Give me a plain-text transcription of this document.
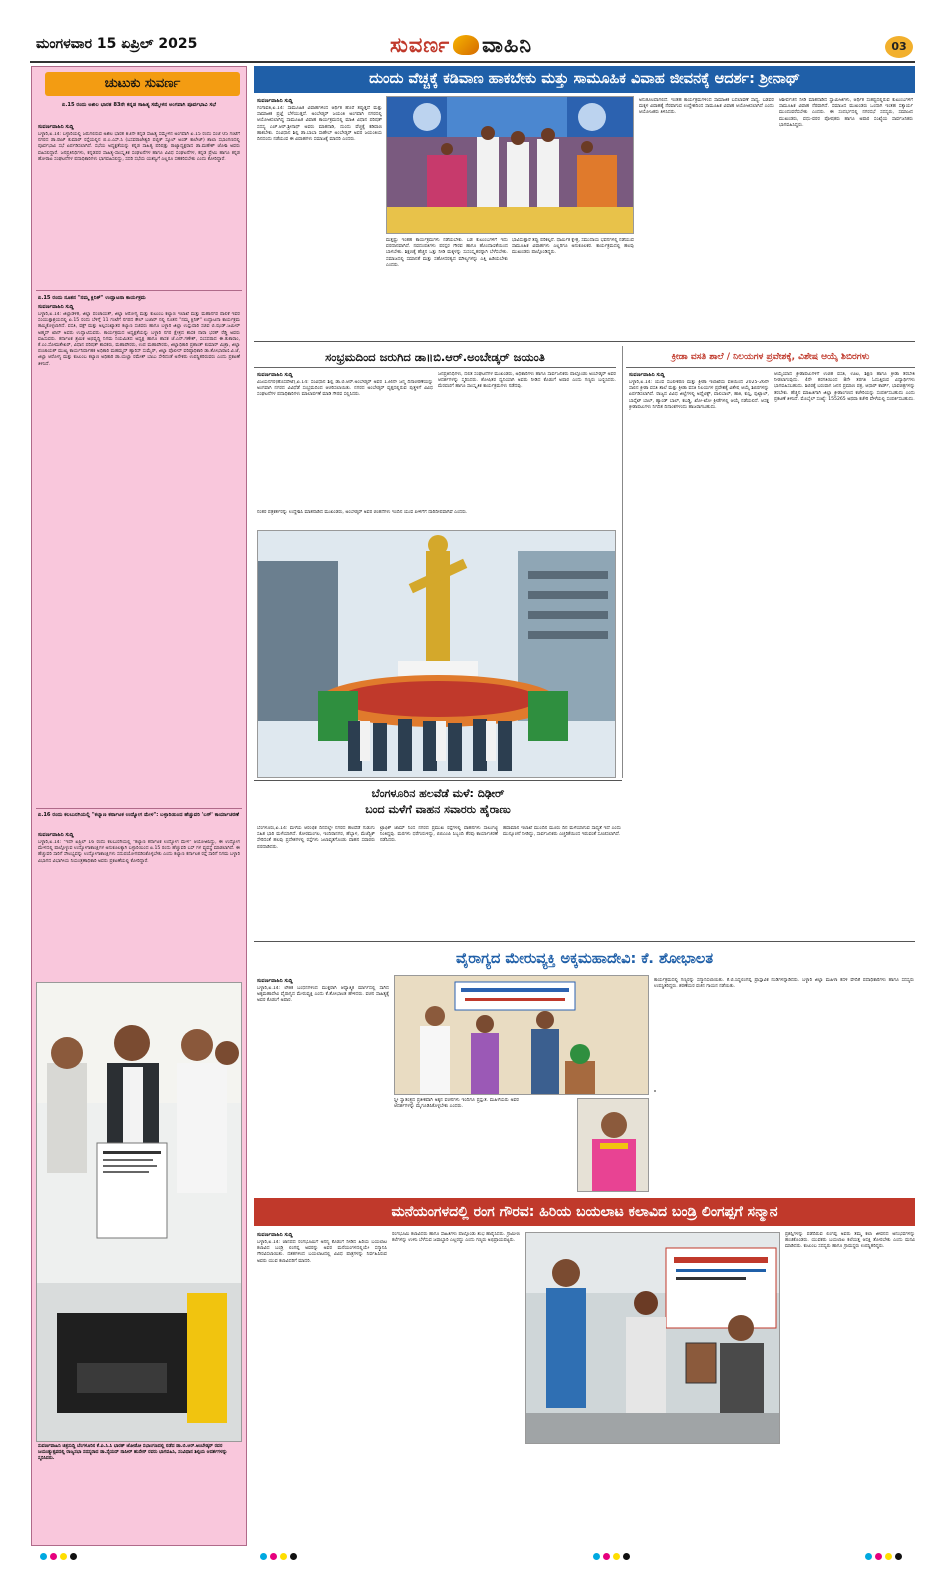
ಮಂಗಳವಾರ 15 ಏಪ್ರಿಲ್ 2025	ಸುವರ್ಣ ವಾಹಿನಿ	03
ಚುಟುಕು ಸುವರ್ಣ
ಏ.15 ರಂದು ಅಖಿಲ ಭಾರತ 83ನೇ ಕನ್ನಡ ಸಾಹಿತ್ಯ ಸಮ್ಮೇಳನ ಅಂಗವಾಗಿ ಪೂರ್ವಭಾವಿ ಸಭೆ
ಸುವರ್ಣವಾಹಿನಿ ಸುದ್ದಿ
ಬಳ್ಳಾರಿ,ಏ.14: ಬಳ್ಳಾರಿಯಲ್ಲಿ ಜರುಗಲಿರುವ ಅಖಿಲ ಭಾರತ 83ನೇ ಕನ್ನಡ ಸಾಹಿತ್ಯ ಸಮ್ಮೇಳನ ಅಂಗವಾಗಿ ಏ.15 ರಂದು ಸಂಜೆ 05 ಗಂಟೆಗೆ ನಗರದ ಡಾ.ರಾಜ್ ಕುಮಾರ್ ರಸ್ತೆಯಲ್ಲಿನ ಬಿ.ಎ.ಎಸ್.ಸಿ (ಬಸವರಾಜೇಶ್ವರಿ ಪಬ್ಲಿಕ್ ಸ್ಕೂಲ್ ಅಂಡ್ ಕಾಲೇಜ್) ಶಾಲಾ ಸಭಾಂಗಣದಲ್ಲಿ ಪೂರ್ವಭಾವಿ ಸಭೆ ಏರ್ಪಡಿಸಲಾಗಿದೆ. ಸಭೆಯ ಅಧ್ಯಕ್ಷತೆಯನ್ನು ಕನ್ನಡ ಸಾಹಿತ್ಯ ಪರಿಷತ್ತು ರಾಜ್ಯಾಧ್ಯಕ್ಷರಾದ ಡಾ.ಮಹೇಶ್ ಜೋಶಿ ಅವರು ವಹಿಸಲಿದ್ದಾರೆ. ಜನಪ್ರತಿನಿಧಿಗಳು, ಕನ್ನಡಪರ ಸಾಹಿತ್ಯ-ಸಾಂಸ್ಕೃತಿಕ ಸಂಘಟನೆಗಳ ಹಾಗೂ ವಿವಿಧ ಸಂಘಟನೆಗಳ, ಕನ್ನಡ ಪ್ರೇಮಿ ಹಾಗೂ ಕನ್ನಡ ಹೋರಾಟ ಸಂಘಟನೆಗಳ ಪದಾಧಿಕಾರಿಗಳು ಭಾಗವಹಿಸಲಿದ್ದು, ಸದರಿ ಸಭೆಯ ಯಶಸ್ವಿಗೆ ಎಲ್ಲರೂ ಸಹಕರಿಸಬೇಕು ಎಂದು ಕೋರಿದ್ದಾರೆ.
ಏ.15 ರಂದು ನೂತನ "ನಮ್ಮ ಕ್ಲಿನಿಕ್" ಉದ್ಘಾಟನಾ ಕಾರ್ಯಕ್ರಮ
ಸುವರ್ಣವಾಹಿನಿ ಸುದ್ದಿ
ಬಳ್ಳಾರಿ,ಏ.14: ಜಿಲ್ಲಾಡಳಿತ, ಜಿಲ್ಲಾ ಪಂಚಾಯತ್, ಜಿಲ್ಲಾ ಆರೋಗ್ಯ ಮತ್ತು ಕುಟುಂಬ ಕಲ್ಯಾಣ ಇಲಾಖೆ ಮತ್ತು ಮಹಾನಗರ ಪಾಲಿಕೆ ಇವರ ಸಂಯುಕ್ತಾಶ್ರಯದಲ್ಲಿ ಏ.15 ರಂದು ಬೆಳಿಗ್ಗೆ 11 ಗಂಟೆಗೆ ನಗರದ ಕೌಲ್ ಬಜಾರ್ ನಲ್ಲಿ ನೂತನ "ನಮ್ಮ ಕ್ಲಿನಿಕ್" ಉದ್ಘಾಟನಾ ಕಾರ್ಯಕ್ರಮ ಹಮ್ಮಿಕೊಳ್ಳಲಾಗಿದೆ. ವಸತಿ, ವಕ್ಫ್ ಮತ್ತು ಅಲ್ಪಸಂಖ್ಯಾತರ ಕಲ್ಯಾಣ ಸಚಿವರು ಹಾಗೂ ಬಳ್ಳಾರಿ ಜಿಲ್ಲಾ ಉಸ್ತುವಾರಿ ಸಚಿವ ಬಿ.ಝಡ್.ಜಮೀರ್ ಅಹ್ಮದ್ ಖಾನ್ ಅವರು ಉದ್ಘಾಟಿಸುವರು. ಕಾರ್ಯಕ್ರಮದ ಅಧ್ಯಕ್ಷತೆಯನ್ನು ಬಳ್ಳಾರಿ ನಗರ ಕ್ಷೇತ್ರದ ಶಾಸಕ ನಾರಾ ಭರತ್ ರೆಡ್ಡಿ ಅವರು ವಹಿಸುವರು. ಕರ್ನಾಟಕ ಶ್ರಮಿಕ ಅಭಿವೃದ್ಧಿ ನಿಗಮ ನಿಯಮಿತದ ಅಧ್ಯಕ್ಷ ಹಾಗೂ ಶಾಸಕ ಜೆ.ಎನ್.ಗಣೇಶ್, ಸಂಸದರಾದ ಈ.ತುಕಾರಾಂ, ಕೆ.ಎಂ.ಸೋಮಶೇಖರ್, ವಿಧಾನ ಪರಿಷತ್ ಶಾಸಕರು, ಮಹಾಪೌರರು, ಉಪ ಮಹಾಪೌರರು, ಜಿಲ್ಲಾಧಿಕಾರಿ ಪ್ರಶಾಂತ್ ಕುಮಾರ್ ಮಿಶ್ರಾ, ಜಿಲ್ಲಾ ಪಂಚಾಯತ್ ಮುಖ್ಯ ಕಾರ್ಯನಿರ್ವಾಹಕ ಅಧಿಕಾರಿ ಮಹಮ್ಮದ್ ಹ್ಯಾರಿಸ್ ಸುಮೈರ್, ಜಿಲ್ಲಾ ಪೊಲೀಸ್ ವರಿಷ್ಠಾಧಿಕಾರಿ ಡಾ.ಶೋಭಾರಾಣಿ.ವಿ.ಜೆ, ಜಿಲ್ಲಾ ಆರೋಗ್ಯ ಮತ್ತು ಕುಟುಂಬ ಕಲ್ಯಾಣ ಅಧಿಕಾರಿ ಡಾ.ಯಲ್ಲಾ ರಮೇಶ್ ಬಾಬು ಸೇರಿದಂತೆ ಅನೇಕರು ಉಪಸ್ಥಿತರಿರುವರು ಎಂದು ಪ್ರಕಟಣೆ ತಿಳಿಸಿದೆ.
ಏ.16 ರಂದು ಕಲಬುರಗಿಯಲ್ಲಿ "ಕಲ್ಯಾಣ ಕರ್ನಾಟಕ ಉದ್ಯೋಗ ಮೇಳ": ಬಳ್ಳಾರಿಯಿಂದ ಹೆಚ್ಚುವರಿ 'ಬಸ್' ಕಾರ್ಯಾಚರಣೆ
ಸುವರ್ಣವಾಹಿನಿ ಸುದ್ದಿ
ಬಳ್ಳಾರಿ,ಏ.14: "ಇದೇ ಏಪ್ರಿಲ್ 16 ರಂದು ಕಲಬುರಗಿಯಲ್ಲಿ "ಕಲ್ಯಾಣ ಕರ್ನಾಟಕ ಉದ್ಯೋಗ ಮೇಳ" ಆಯೋಜಿಸಿದ್ದು, ಈ ಉದ್ಯೋಗ ಮೇಳದಲ್ಲಿ ಪಾಲ್ಗೊಳ್ಳುವ ಉದ್ಯೋಗಾಕಾಂಕ್ಷಿಗಳ ಅನುಕೂಲಕ್ಕಾಗಿ ಬಳ್ಳಾರಿಯಿಂದ ಏ.15 ರಂದು ಹೆಚ್ಚುವರಿ ಬಸ್ ಗಳ ವ್ಯವಸ್ಥೆ ಮಾಡಲಾಗಿದೆ. ಈ ಹೆಚ್ಚುವರಿ ಸಾರಿಗೆ ಸೌಲಭ್ಯವನ್ನು ಉದ್ಯೋಗಾಕಾಂಕ್ಷಿಗಳು ಸದುಪಯೋಗಪಡಿಸಿಕೊಳ್ಳಬೇಕು ಎಂದು ಕಲ್ಯಾಣ ಕರ್ನಾಟಕ ರಸ್ತೆ ಸಾರಿಗೆ ನಿಗಮ ಬಳ್ಳಾರಿ ವಿಭಾಗದ ವಿಭಾಗೀಯ ನಿಯಂತ್ರಣಾಧಿಕಾರಿ ಅವರು ಪ್ರಕಟಣೆಯಲ್ಲಿ ಕೋರಿದ್ದಾರೆ.
ಸುವರ್ಣವಾಹಿನಿ ಚಿತ್ರಸುದ್ದಿ ಬೆಂಗಳೂರಿನ ಕೆ.ಪಿ.ಸಿ.ಸಿ ಭಾರತ್ ಜೋಡೋ ಸಭಾಂಗಣದಲ್ಲಿ ನಡೆದ ಡಾ.ಬಿ.ಆರ್.ಅಂಬೇಡ್ಕರ್ ರವರ ಜಯಂತ್ಯುತ್ಸವದಲ್ಲಿ ರಾಜ್ಯಸಭಾ ಸದಸ್ಯರಾದ ಡಾ.ಸೈಯದ್ ನಾಸೀರ್ ಹುಸೇನ್ ರವರು ಭಾಗವಹಿಸಿ, ಸಂವಿಧಾನ ಶಿಲ್ಪಿಯ ಆದರ್ಶಗಳನ್ನು ಸ್ಮರಿಸಿದರು.
ದುಂದು ವೆಚ್ಚಕ್ಕೆ ಕಡಿವಾಣ ಹಾಕಬೇಕು ಮತ್ತು ಸಾಮೂಹಿಕ ವಿವಾಹ ಜೀವನಕ್ಕೆ ಆದರ್ಶ: ಶ್ರೀನಾಥ್
ಸುವರ್ಣವಾಹಿನಿ ಸುದ್ದಿ
ಗಂಗಾವತಿ,ಏ.14: ಸಾಮೂಹಿಕ ವಿವಾಹಗಳಿಂದ ಆರ್ಥಿಕ ಹೊರೆ ತಪ್ಪುತ್ತದೆ ಮತ್ತು ಸಾಮಾಜಿಕ ಪ್ರಜ್ಞೆ ಬೆಳೆಯುತ್ತದೆ. ಅಂಬೇಡ್ಕರ್ ಜಯಂತಿ ಅಂಗವಾಗಿ ನಗರದಲ್ಲಿ ಆಯೋಜಿಸಲಾಗಿದ್ದ ಸಾಮೂಹಿಕ ವಿವಾಹ ಕಾರ್ಯಕ್ರಮದಲ್ಲಿ ಮಾಜಿ ವಿಧಾನ ಪರಿಷತ್ ಸದಸ್ಯ ಎಚ್.ಆರ್.ಶ್ರೀನಾಥ್ ಅವರು ಮಾತನಾಡಿ, ದುಂದು ವೆಚ್ಚಕ್ಕೆ ಕಡಿವಾಣ ಹಾಕಬೇಕು. ಸಂವಿಧಾನ ಶಿಲ್ಪಿ ಡಾ.ಬಾಬಾ ಸಾಹೇಬ್ ಅಂಬೇಡ್ಕರ್ ಅವರ ಜಯಂತಿಯ ದಿನದಂದು ನಡೆಯುವ ಈ ವಿವಾಹಗಳು ಸಮಾಜಕ್ಕೆ ಮಾದರಿ ಎಂದರು.
ಮತ್ತಷ್ಟು ಇಂತಹ ಕಾರ್ಯಕ್ರಮಗಳು ನಡೆಯಬೇಕು. ಬಡ ಕುಟುಂಬಗಳಿಗೆ ಇದು ವರದಾನವಾಗಿದೆ. ನವದಂಪತಿಗಳು ಪರಸ್ಪರ ಗೌರವ ಹಾಗೂ ಹೊಂದಾಣಿಕೆಯಿಂದ ಬಾಳಬೇಕು. ಶಿಕ್ಷಣಕ್ಕೆ ಹೆಚ್ಚಿನ ಒತ್ತು ನೀಡಿ ಮಕ್ಕಳನ್ನು ಸುಸಂಸ್ಕೃತರನ್ನಾಗಿ ಬೆಳೆಸಬೇಕು. ಸಮಾಜದಲ್ಲಿ ಸಮಾನತೆ ಮತ್ತು ಸಹೋದರತ್ವದ ಮೌಲ್ಯಗಳನ್ನು ಎತ್ತಿ ಹಿಡಿಯಬೇಕು ಎಂದರು.
ಭಾವಿಸುತ್ತಾರೆ ತಪ್ಪು ಪರಿಕಲ್ಪನೆ. ಧಾರ್ಮಿಕ ಕ್ಷೇತ್ರ, ಸಮುದಾಯ ಭವನಗಳಲ್ಲಿ ನಡೆಯುವ ಸಾಮೂಹಿಕ ವಿವಾಹಗಳು ಎಲ್ಲರಿಗೂ ಅನುಕೂಲಕರ. ಕಾರ್ಯಕ್ರಮದಲ್ಲಿ ಹಲವು ಮುಖಂಡರು ಪಾಲ್ಗೊಂಡಿದ್ದರು.
ಅನುಕೂಲವಾಗಲಿದೆ. ಇಂತಹ ಕಾರ್ಯಕ್ರಮಗಳಿಂದ ಸಾಮಾಜಿಕ ಬದಲಾವಣೆ ಸಾಧ್ಯ. ಬಡವರ ಮಕ್ಕಳ ವಿವಾಹಕ್ಕೆ ನೆರವಾಗುವ ಉದ್ದೇಶದಿಂದ ಸಾಮೂಹಿಕ ವಿವಾಹ ಆಯೋಜಿಸಲಾಗಿದೆ ಎಂದು ಆಯೋಜಕರು ತಿಳಿಸಿದರು.
ಆಶೀರ್ವಚನ ನೀಡಿ ಮಾತನಾಡಿದ ಸ್ವಾಮೀಜಿಗಳು, ಆರ್ಥಿಕ ಸಂಕಷ್ಟದಲ್ಲಿರುವ ಕುಟುಂಬಗಳಿಗೆ ಸಾಮೂಹಿಕ ವಿವಾಹ ನೆರವಾಗಿದೆ. ಸಮಾಜದ ಮುಖಂಡರು ಒಂದಾಗಿ ಇಂತಹ ಸತ್ಕಾರ್ಯ ಮುಂದುವರೆಸಬೇಕು ಎಂದರು. ಈ ಸಂದರ್ಭದಲ್ಲಿ ನಗರಸಭೆ ಸದಸ್ಯರು, ಸಮಾಜದ ಮುಖಂಡರು, ವಧು-ವರರ ಪೋಷಕರು ಹಾಗೂ ಅಪಾರ ಸಂಖ್ಯೆಯ ಸಾರ್ವಜನಿಕರು ಭಾಗವಹಿಸಿದ್ದರು.
ಸಂಭ್ರಮದಿಂದ ಜರುಗಿದ ಡಾ॥ಬಿ.ಆರ್.ಅಂಬೇಡ್ಕರ್ ಜಯಂತಿ
ಸುವರ್ಣವಾಹಿನಿ ಸುದ್ದಿ
ವಿಜಯನಗರ(ಹೊಸಪೇಟೆ),ಏ.14: ಸಂವಿಧಾನ ಶಿಲ್ಪಿ ಡಾ.ಬಿ.ಆರ್.ಅಂಬೇಡ್ಕರ್ ಅವರ 134ನೇ ಜನ್ಮ ದಿನಾಚರಣೆಯನ್ನು ಅಂಗವಾಗಿ ನಗರದ ವಿವಿಧೆಡೆ ಸಂಭ್ರಮದಿಂದ ಆಚರಿಸಲಾಯಿತು. ನಗರದ ಅಂಬೇಡ್ಕರ್ ವೃತ್ತದಲ್ಲಿರುವ ಪುತ್ಥಳಿಗೆ ವಿವಿಧ ಸಂಘಟನೆಗಳ ಪದಾಧಿಕಾರಿಗಳು ಮಾಲಾರ್ಪಣೆ ಮಾಡಿ ಗೌರವ ಸಲ್ಲಿಸಿದರು.
ಜನಪ್ರತಿನಿಧಿಗಳು, ದಲಿತ ಸಂಘಟನೆಗಳ ಮುಖಂಡರು, ಅಧಿಕಾರಿಗಳು ಹಾಗೂ ಸಾರ್ವಜನಿಕರು ಪಾಲ್ಗೊಂಡು ಅಂಬೇಡ್ಕರ್ ಅವರ ಆದರ್ಶಗಳನ್ನು ಸ್ಮರಿಸಿದರು. ಶೋಷಿತರ ಧ್ವನಿಯಾಗಿ ಅವರು ನೀಡಿದ ಕೊಡುಗೆ ಅಪಾರ ಎಂದು ಗಣ್ಯರು ಬಣ್ಣಿಸಿದರು. ಮೆರವಣಿಗೆ ಹಾಗೂ ಸಾಂಸ್ಕೃತಿಕ ಕಾರ್ಯಕ್ರಮಗಳು ನಡೆದವು.
ನಂತರ ಪತ್ರಕರ್ತರನ್ನು ಉದ್ದೇಶಿಸಿ ಮಾತನಾಡಿದ ಮುಖಂಡರು, ಅಂಬೇಡ್ಕರ್ ಅವರ ಚಿಂತನೆಗಳು ಇಂದಿನ ಯುವ ಪೀಳಿಗೆಗೆ ದಾರಿದೀಪವಾಗಿವೆ ಎಂದರು.
ಕ್ರೀಡಾ ವಸತಿ ಶಾಲೆ / ನಿಲಯಗಳ ಪ್ರವೇಶಕ್ಕೆ, ವಿಶೇಷ ಆಯ್ಕೆ ಶಿಬಿರಗಳು
ಸುವರ್ಣವಾಹಿನಿ ಸುದ್ದಿ
ಬಳ್ಳಾರಿ,ಏ.14: ಯುವ ಸಬಲೀಕರಣ ಮತ್ತು ಕ್ರೀಡಾ ಇಲಾಖೆಯ ವತಿಯಿಂದ 2025-26ನೇ ಸಾಲಿನ ಕ್ರೀಡಾ ವಸತಿ ಶಾಲೆ ಮತ್ತು ಕ್ರೀಡಾ ವಸತಿ ನಿಲಯಗಳ ಪ್ರವೇಶಕ್ಕೆ ವಿಶೇಷ ಆಯ್ಕೆ ಶಿಬಿರಗಳನ್ನು ಏರ್ಪಡಿಸಲಾಗಿದೆ. ರಾಜ್ಯದ ವಿವಿಧ ಜಿಲ್ಲೆಗಳಲ್ಲಿ ಅಥ್ಲೆಟಿಕ್ಸ್, ವಾಲಿಬಾಲ್, ಹಾಕಿ, ಕುಸ್ತಿ, ಫುಟ್ಬಾಲ್, ಬಾಸ್ಕೆಟ್ ಬಾಲ್, ಹ್ಯಾಂಡ್ ಬಾಲ್, ಕಬಡ್ಡಿ, ಖೋ-ಖೋ ಕ್ರೀಡೆಗಳಲ್ಲಿ ಆಯ್ಕೆ ನಡೆಯಲಿದೆ. ಆಸಕ್ತ ಕ್ರೀಡಾಪಟುಗಳು ನಿಗದಿತ ದಿನಾಂಕಗಳಂದು ಹಾಜರಾಗಬಹುದು.
ಆಯ್ಕೆಯಾದ ಕ್ರೀಡಾಪಟುಗಳಿಗೆ ಉಚಿತ ವಸತಿ, ಊಟ, ಶಿಕ್ಷಣ ಹಾಗೂ ಕ್ರೀಡಾ ತರಬೇತಿ ನೀಡಲಾಗುವುದು. 4ನೇ ತರಗತಿಯಿಂದ 8ನೇ ತರಗತಿ ಓದುತ್ತಿರುವ ವಿದ್ಯಾರ್ಥಿಗಳು ಭಾಗವಹಿಸಬಹುದು. ಶಿಬಿರಕ್ಕೆ ಬರುವಾಗ ಜನನ ಪ್ರಮಾಣ ಪತ್ರ, ಆಧಾರ್ ಕಾರ್ಡ್, ಭಾವಚಿತ್ರಗಳನ್ನು ತರಬೇಕು. ಹೆಚ್ಚಿನ ಮಾಹಿತಿಗಾಗಿ ಜಿಲ್ಲಾ ಕ್ರೀಡಾಂಗಣದ ಕಚೇರಿಯನ್ನು ಸಂಪರ್ಕಿಸಬಹುದು ಎಂದು ಪ್ರಕಟಣೆ ತಿಳಿಸಿದೆ. ಮೊಬೈಲ್ ಸಂಖ್ಯೆ: 155265 ಅಥವಾ ಕಚೇರಿ ವೇಳೆಯಲ್ಲಿ ಸಂಪರ್ಕಿಸಬಹುದು.
ಬೆಂಗಳೂರಿನ ಹಲವೆಡೆ ಮಳೆ: ದಿಢೀರ್
ಬಂದ ಮಳೆಗೆ ವಾಹನ ಸವಾರರು ಹೈರಾಣು
ಬೆಂಗಳೂರು,ಏ.14: ಮಳೆಯ ಆರಂಭಿಕ ದಿನದಲ್ಲೇ ನಗರದ ಹಲವೆಡೆ ಗುಡುಗು ಸಹಿತ ಭಾರಿ ಮಳೆಯಾಗಿದೆ. ಕೋರಮಂಗಲ, ಇಂದಿರಾನಗರ, ಹೆಬ್ಬಾಳ, ಮೆಜೆಸ್ಟಿಕ್ ಸೇರಿದಂತೆ ಹಲವು ಪ್ರದೇಶಗಳಲ್ಲಿ ರಸ್ತೆಗಳು ಜಲಾವೃತಗೊಂಡು ವಾಹನ ಸವಾರರು ಪರದಾಡಿದರು.
ಟ್ರಾಫಿಕ್ ಜಾಮ್ ನಿಂದ ನಗರದ ಪ್ರಮುಖ ರಸ್ತೆಗಳಲ್ಲಿ ವಾಹನಗಳು ಸಾಲುಗಟ್ಟಿ ನಿಂತಿದ್ದವು. ಮರಗಳು ಧರೆಗುರುಳಿದ್ದು, ಬಿಬಿಎಂಪಿ ಸಿಬ್ಬಂದಿ ತೆರವು ಕಾರ್ಯಾಚರಣೆ ನಡೆಸಿದರು.
ಹವಾಮಾನ ಇಲಾಖೆ ಮುಂದಿನ ಮೂರು ದಿನ ಮಳೆಯಾಗುವ ಸಾಧ್ಯತೆ ಇದೆ ಎಂದು ಮುನ್ಸೂಚನೆ ನೀಡಿದ್ದು, ಸಾರ್ವಜನಿಕರು ಎಚ್ಚರಿಕೆಯಿಂದ ಇರುವಂತೆ ಸೂಚಿಸಲಾಗಿದೆ.
ವೈರಾಗ್ಯದ ಮೇರುವ್ಯಕ್ತಿ ಅಕ್ಕಮಹಾದೇವಿ: ಕೆ. ಶೋಭಾಲತ
ಸುವರ್ಣವಾಹಿನಿ ಸುದ್ದಿ
ಬಳ್ಳಾರಿ,ಏ.14: ಲೌಕಿಕ ಬಂಧನಗಳಿಂದ ಮುಕ್ತರಾಗಿ ಆಧ್ಯಾತ್ಮಿಕ ಮಾರ್ಗದಲ್ಲಿ ಸಾಗಿದ ಅಕ್ಕಮಹಾದೇವಿ ವೈರಾಗ್ಯದ ಮೇರುವ್ಯಕ್ತಿ ಎಂದು ಕೆ.ಶೋಭಾಲತ ಹೇಳಿದರು. ವಚನ ಸಾಹಿತ್ಯಕ್ಕೆ ಅವರ ಕೊಡುಗೆ ಅಪಾರ.
ಸ್ತ್ರೀ ಸ್ವಾತಂತ್ರ್ಯದ ಪ್ರತೀಕವಾಗಿ ಅಕ್ಕನ ವಚನಗಳು ಇಂದಿಗೂ ಪ್ರಸ್ತುತ. ಮಹಿಳೆಯರು ಅವರ ಆದರ್ಶಗಳನ್ನು ಮೈಗೂಡಿಸಿಕೊಳ್ಳಬೇಕು ಎಂದರು.
ಕಾರ್ಯಕ್ರಮದಲ್ಲಿ ಗಣ್ಯರನ್ನು ಸನ್ಮಾನಿಸಲಾಯಿತು. ಕೆ.ಬಿ.ಸಿದ್ದಲಿಂಗಪ್ಪ ಪ್ರಾಸ್ತಾವಿಕ ನುಡಿಗಳನ್ನಾಡಿದರು. ಬಳ್ಳಾರಿ ಜಿಲ್ಲಾ ಮಹಿಳಾ ಕದಳಿ ವೇದಿಕೆ ಪದಾಧಿಕಾರಿಗಳು ಹಾಗೂ ಸದಸ್ಯರು ಉಪಸ್ಥಿತರಿದ್ದರು. ಶರಣೆಯರ ವಚನ ಗಾಯನ ನಡೆಯಿತು.
ಮನೆಯಂಗಳದಲ್ಲಿ ರಂಗ ಗೌರವ: ಹಿರಿಯ ಬಯಲಾಟ ಕಲಾವಿದ ಬಂಡ್ರಿ ಲಿಂಗಪ್ಪಗೆ ಸನ್ಮಾನ
ಸುವರ್ಣವಾಹಿನಿ ಸುದ್ದಿ
ಬಳ್ಳಾರಿ,ಏ.14: ಜಾನಪದ ರಂಗಭೂಮಿಗೆ ಅನನ್ಯ ಕೊಡುಗೆ ನೀಡಿದ ಹಿರಿಯ ಬಯಲಾಟ ಕಲಾವಿದ ಬಂಡ್ರಿ ಲಿಂಗಪ್ಪ ಅವರನ್ನು ಅವರ ಮನೆಯಂಗಳದಲ್ಲಿಯೇ ಸನ್ಮಾನಿಸಿ ಗೌರವಿಸಲಾಯಿತು. ದಶಕಗಳಿಂದ ಬಯಲಾಟದಲ್ಲಿ ವಿವಿಧ ಪಾತ್ರಗಳನ್ನು ನಿರ್ವಹಿಸಿರುವ ಅವರು ಯುವ ಕಲಾವಿದರಿಗೆ ಮಾದರಿ.
ರಂಗಭೂಮಿ ಕಲಾವಿದರು ಹಾಗೂ ಸಾಹಿತಿಗಳು ಪಾಲ್ಗೊಂಡು ಶುಭ ಹಾರೈಸಿದರು. ಗ್ರಾಮೀಣ ಕಲೆಗಳನ್ನು ಉಳಿಸಿ ಬೆಳೆಸುವ ಜವಾಬ್ದಾರಿ ಎಲ್ಲರದ್ದು ಎಂದು ಗಣ್ಯರು ಅಭಿಪ್ರಾಯಪಟ್ಟರು.
ಪ್ರಶಸ್ತಿಗಳನ್ನು ಪಡೆದಿರುವ ಲಿಂಗಪ್ಪ ಅವರು ತಮ್ಮ ಕಲಾ ಜೀವನದ ಅನುಭವಗಳನ್ನು ಹಂಚಿಕೊಂಡರು. ಯುವಕರು ಬಯಲಾಟ ಕಲೆಯತ್ತ ಆಸಕ್ತಿ ತೋರಬೇಕು ಎಂದು ಮನವಿ ಮಾಡಿದರು. ಕುಟುಂಬ ಸದಸ್ಯರು ಹಾಗೂ ಗ್ರಾಮಸ್ಥರು ಉಪಸ್ಥಿತರಿದ್ದರು.
